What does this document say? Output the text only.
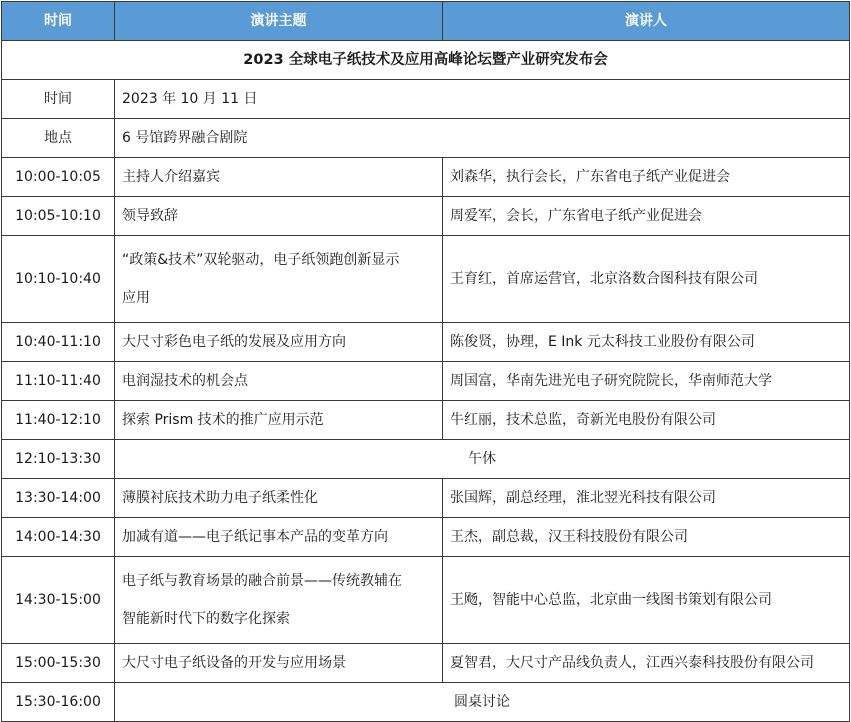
2023 全球电子纸技术及应用高峰论坛暨产业研究发布会		
时间	2023 年 10 月 11 日	
地点	6 号馆跨界融合剧院	
时间	演讲主题	演讲人
10:00-10:05	主持人介绍嘉宾	刘森华，执行会长，广东省电子纸产业促进会
10:05-10:10	领导致辞	周爱军，会长，广东省电子纸产业促进会
10:10-10:40	“政策&技术”双轮驱动，电子纸领跑创新显示
应用	王育红，首席运营官，北京洛数合图科技有限公司
10:40-11:10	大尺寸彩色电子纸的发展及应用方向	陈俊贤，协理，E Ink 元太科技工业股份有限公司
11:10-11:40	电润湿技术的机会点	周国富，华南先进光电子研究院院长，华南师范大学
11:40-12:10	探索 Prism 技术的推广应用示范	牛红丽，技术总监，奇新光电股份有限公司
12:10-13:30	午休	
13:30-14:00	薄膜衬底技术助力电子纸柔性化	张国辉，副总经理，淮北翌光科技有限公司
14:00-14:30	加减有道——电子纸记事本产品的变革方向	王杰，副总裁，汉王科技股份有限公司
14:30-15:00	电子纸与教育场景的融合前景——传统教辅在
智能新时代下的数字化探索	王飏，智能中心总监，北京曲一线图书策划有限公司
15:00-15:30	大尺寸电子纸设备的开发与应用场景	夏智君，大尺寸产品线负责人，江西兴泰科技股份有限公司
15:30-16:00	圆桌讨论	
